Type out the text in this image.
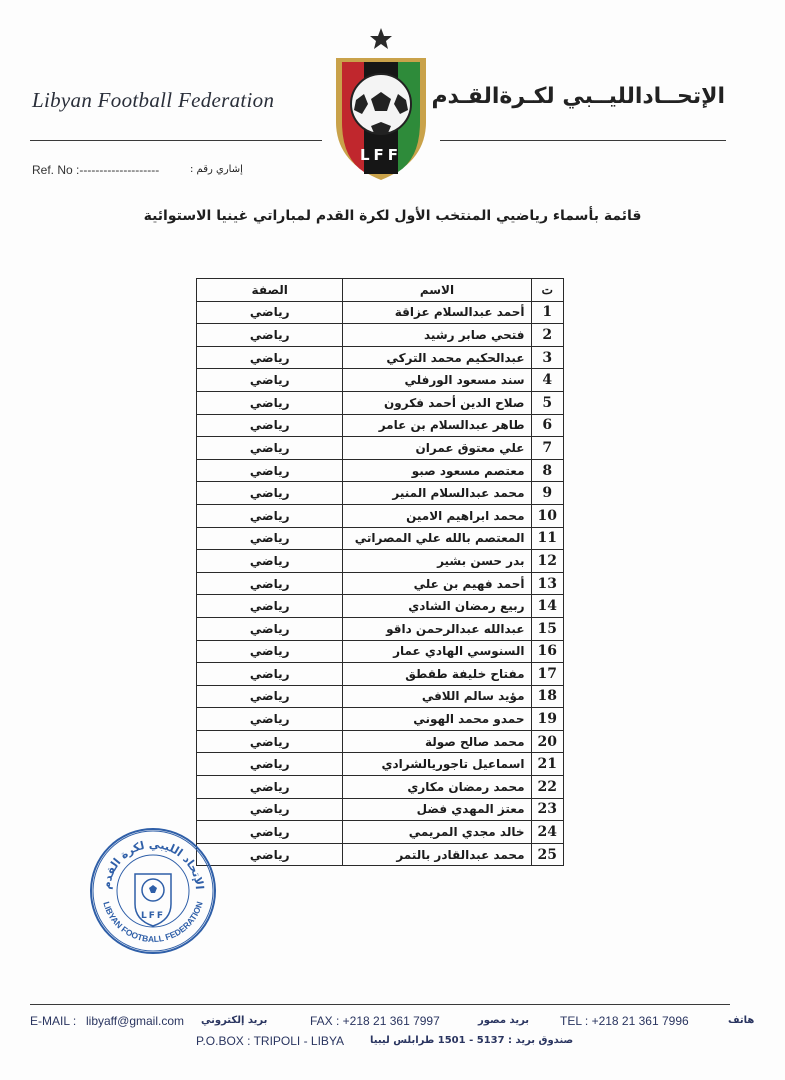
Libyan Football Federation	الإتحــادالليــبي لكـرةالقـدم
LFF
Ref. No :--------------------	إشاري رقم :
قائمة بأسماء رياضيي المنتخب الأول لكرة القدم لمباراتي غينيا الاستوائية
ت	الاسم	الصفة
1	أحمد عبدالسلام عزاقة	رياضي
2	فتحي صابر رشيد	رياضي
3	عبدالحكيم محمد التركي	رياضي
4	سند مسعود الورفلي	رياضي
5	صلاح الدين أحمد فكرون	رياضي
6	طاهر عبدالسلام بن عامر	رياضي
7	علي معتوق عمران	رياضي
8	معتصم مسعود صبو	رياضي
9	محمد عبدالسلام المنير	رياضي
10	محمد ابراهيم الامين	رياضي
11	المعتصم بالله علي المصراتي	رياضي
12	بدر حسن بشير	رياضي
13	أحمد فهيم بن علي	رياضي
14	ربيع رمضان الشادي	رياضي
15	عبدالله عبدالرحمن داقو	رياضي
16	السنوسي الهادي عمار	رياضي
17	مفتاح خليفة طقطق	رياضي
18	مؤيد سالم اللافي	رياضي
19	حمدو محمد الهوني	رياضي
20	محمد صالح صولة	رياضي
21	اسماعيل تاجوريالشرادي	رياضي
22	محمد رمضان مكاري	رياضي
23	معتز المهدي فضل	رياضي
24	خالد مجدي المريمي	رياضي
25	محمد عبدالقادر بالتمر	رياضي
الإتحاد الليبي لكرة القدم
LIBYAN FOOTBALL FEDERATION
LFF
E-MAIL : libyaff@gmail.com بريد إلكتروني	FAX : +218 21 361 7997	بريد مصور	TEL : +218 21 361 7996	هاتف
P.O.BOX : TRIPOLI - LIBYA	صندوق بريد : 5137 - 1501 طرابلس ليبيا
